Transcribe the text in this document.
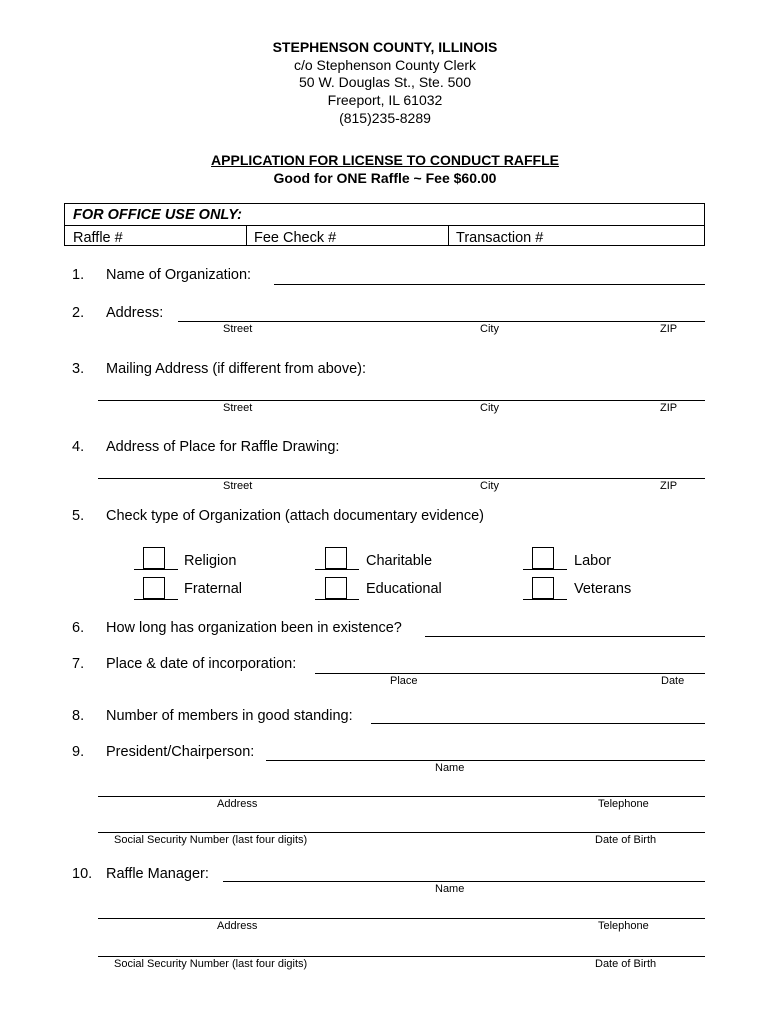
STEPHENSON COUNTY, ILLINOIS
c/o Stephenson County Clerk
50 W. Douglas St., Ste. 500
Freeport, IL 61032
(815)235-8289
APPLICATION FOR LICENSE TO CONDUCT RAFFLE
Good for ONE Raffle ~ Fee $60.00
FOR OFFICE USE ONLY:
Raffle #	Fee Check #	Transaction #
1. Name of Organization:
2. Address:
Street	City	ZIP
3. Mailing Address (if different from above):
Street	City	ZIP
4. Address of Place for Raffle Drawing:
Street	City	ZIP
5. Check type of Organization (attach documentary evidence)
Religion	Charitable	Labor
Fraternal	Educational	Veterans
6. How long has organization been in existence?
7. Place & date of incorporation:
Place	Date
8. Number of members in good standing:
9. President/Chairperson:
Name
Address	Telephone
Social Security Number (last four digits)	Date of Birth
10. Raffle Manager:
Name
Address	Telephone
Social Security Number (last four digits)	Date of Birth
